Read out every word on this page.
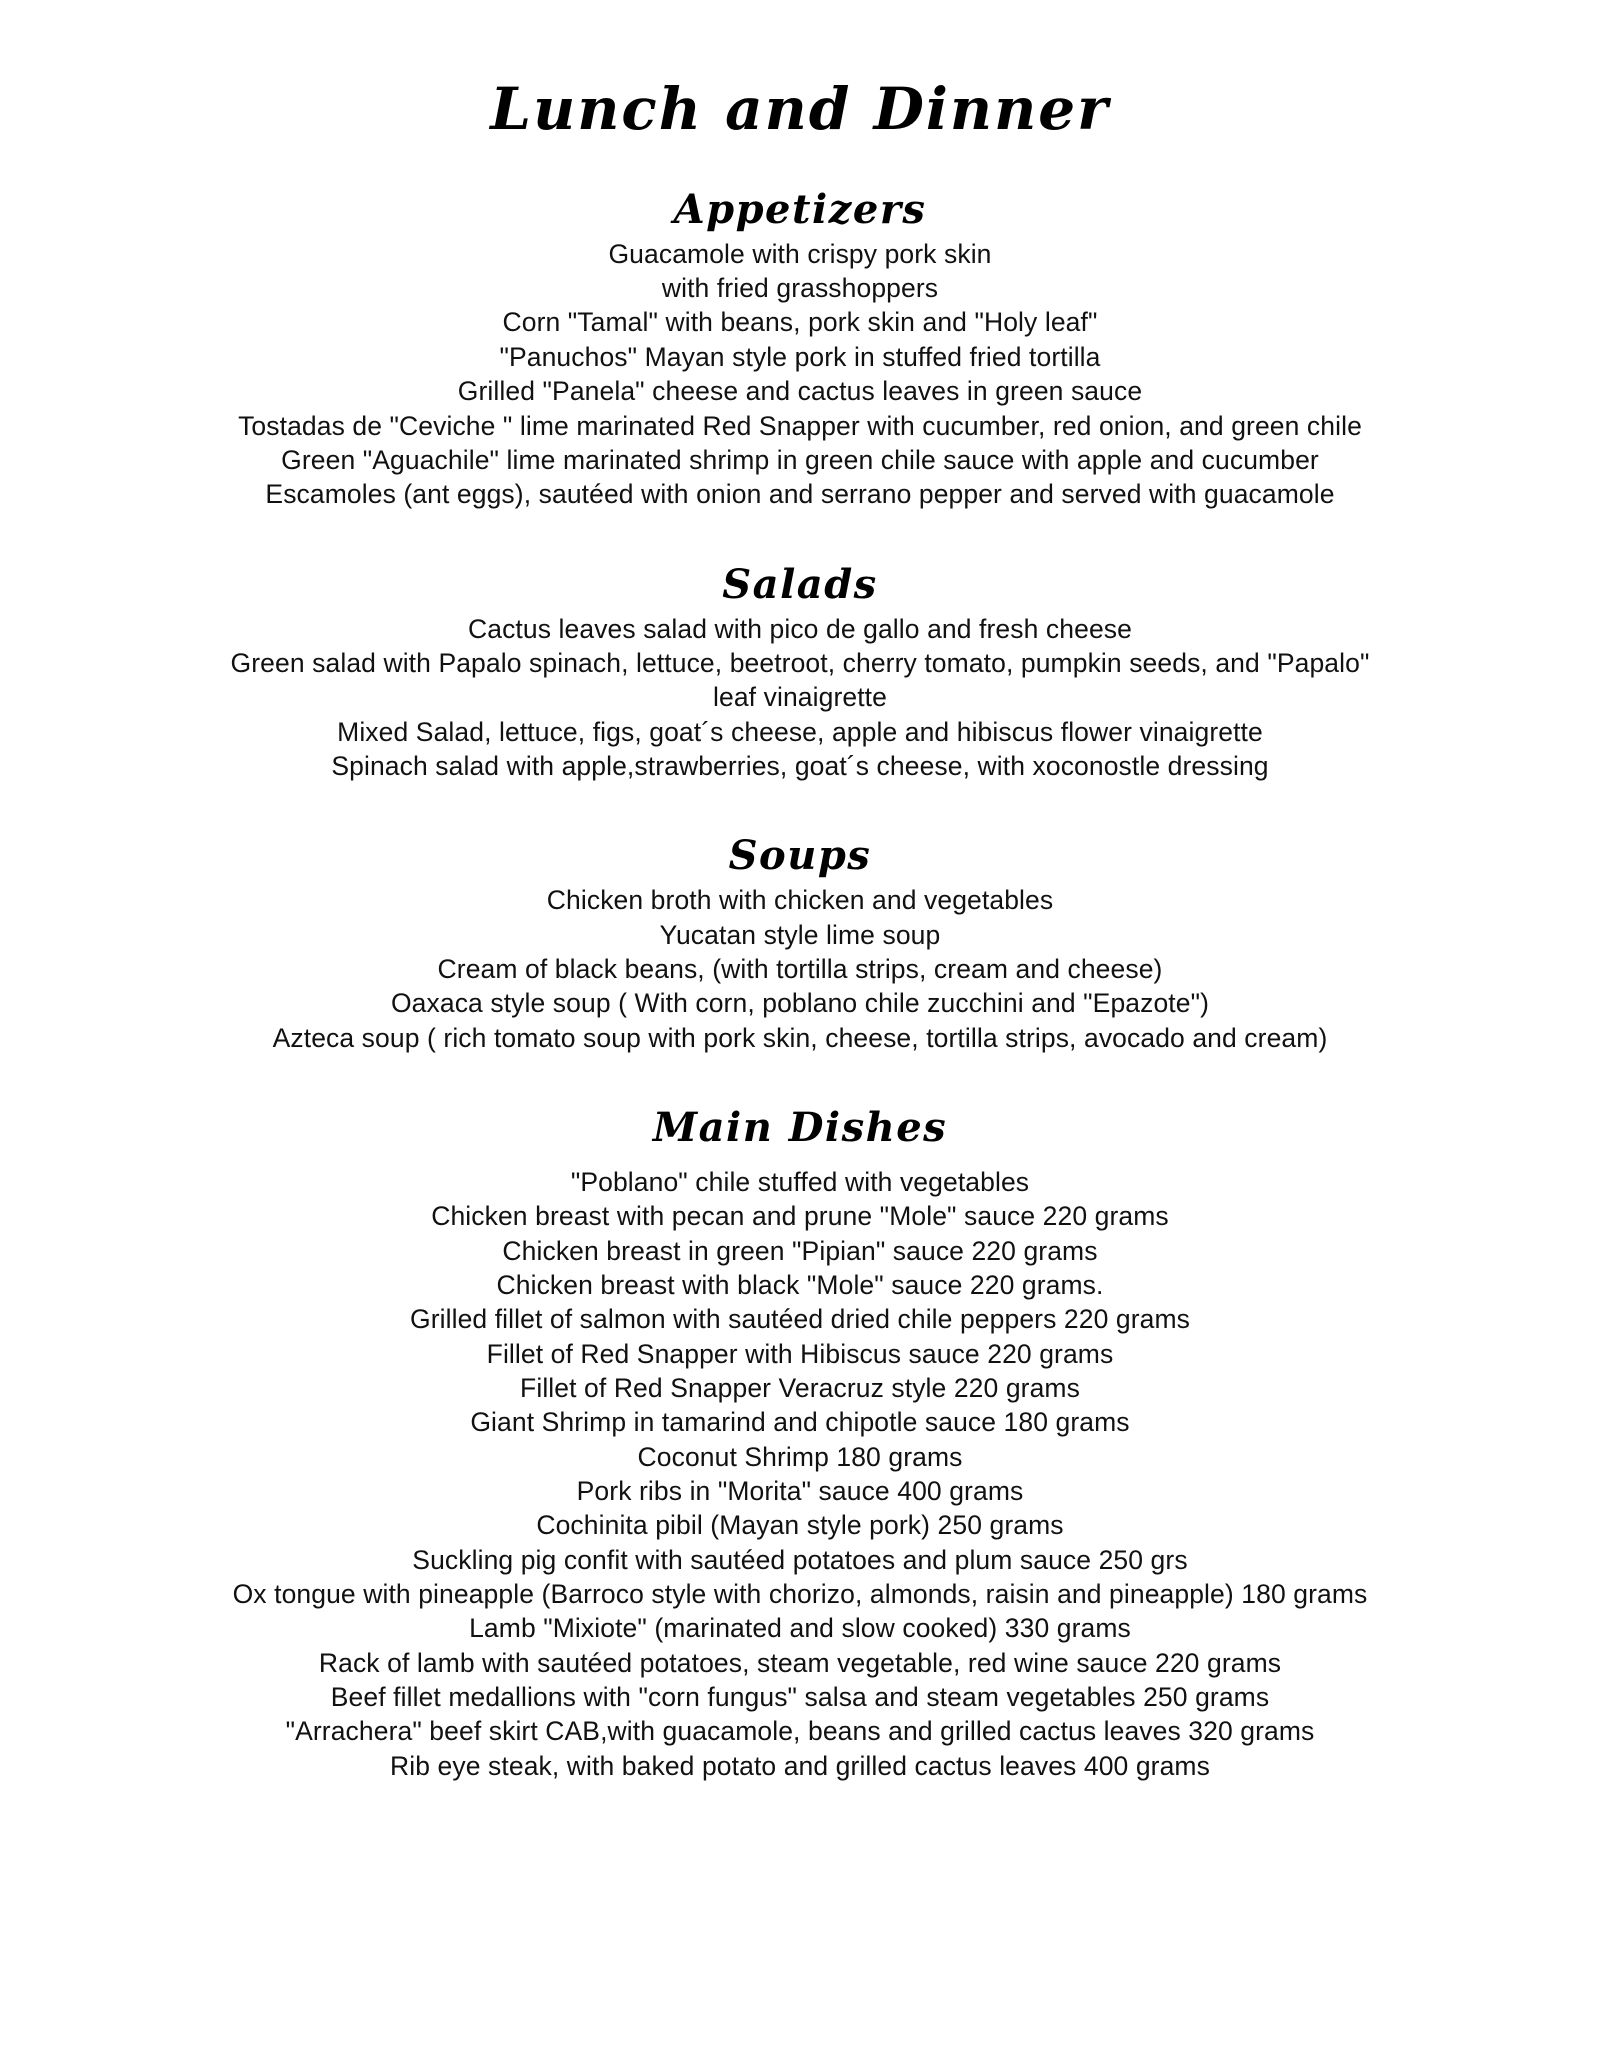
Lunch and Dinner
Appetizers
Guacamole with crispy pork skin
with fried grasshoppers
Corn "Tamal" with beans, pork skin and "Holy leaf"
"Panuchos" Mayan style pork in stuffed fried tortilla
Grilled "Panela" cheese and cactus leaves in green sauce
Tostadas de "Ceviche " lime marinated Red Snapper with cucumber, red onion, and green chile
Green "Aguachile" lime marinated shrimp in green chile sauce with apple and cucumber
Escamoles (ant eggs), sautéed with onion and serrano pepper and served with guacamole
Salads
Cactus leaves salad with pico de gallo and fresh cheese
Green salad with Papalo spinach, lettuce, beetroot, cherry tomato, pumpkin seeds, and "Papalo"
leaf vinaigrette
Mixed Salad, lettuce, figs, goat´s cheese, apple and hibiscus flower vinaigrette
Spinach salad with apple,strawberries, goat´s cheese, with xoconostle dressing
Soups
Chicken broth with chicken and vegetables
Yucatan style lime soup
Cream of black beans, (with tortilla strips, cream and cheese)
Oaxaca style soup ( With corn, poblano chile zucchini and "Epazote")
Azteca soup ( rich tomato soup with pork skin, cheese, tortilla strips, avocado and cream)
Main Dishes
"Poblano" chile stuffed with vegetables
Chicken breast with pecan and prune "Mole" sauce 220 grams
Chicken breast in green "Pipian" sauce 220 grams
Chicken breast with black "Mole" sauce 220 grams.
Grilled fillet of salmon with sautéed dried chile peppers 220 grams
Fillet of Red Snapper with Hibiscus sauce 220 grams
Fillet of Red Snapper Veracruz style 220 grams
Giant Shrimp in tamarind and chipotle sauce 180 grams
Coconut Shrimp 180 grams
Pork ribs in "Morita" sauce 400 grams
Cochinita pibil (Mayan style pork) 250 grams
Suckling pig confit with sautéed potatoes and plum sauce 250 grs
Ox tongue with pineapple (Barroco style with chorizo, almonds, raisin and pineapple) 180 grams
Lamb "Mixiote" (marinated and slow cooked) 330 grams
Rack of lamb with sautéed potatoes, steam vegetable, red wine sauce 220 grams
Beef fillet medallions with "corn fungus" salsa and steam vegetables 250 grams
"Arrachera" beef skirt CAB,with guacamole, beans and grilled cactus leaves 320 grams
Rib eye steak, with baked potato and grilled cactus leaves 400 grams
